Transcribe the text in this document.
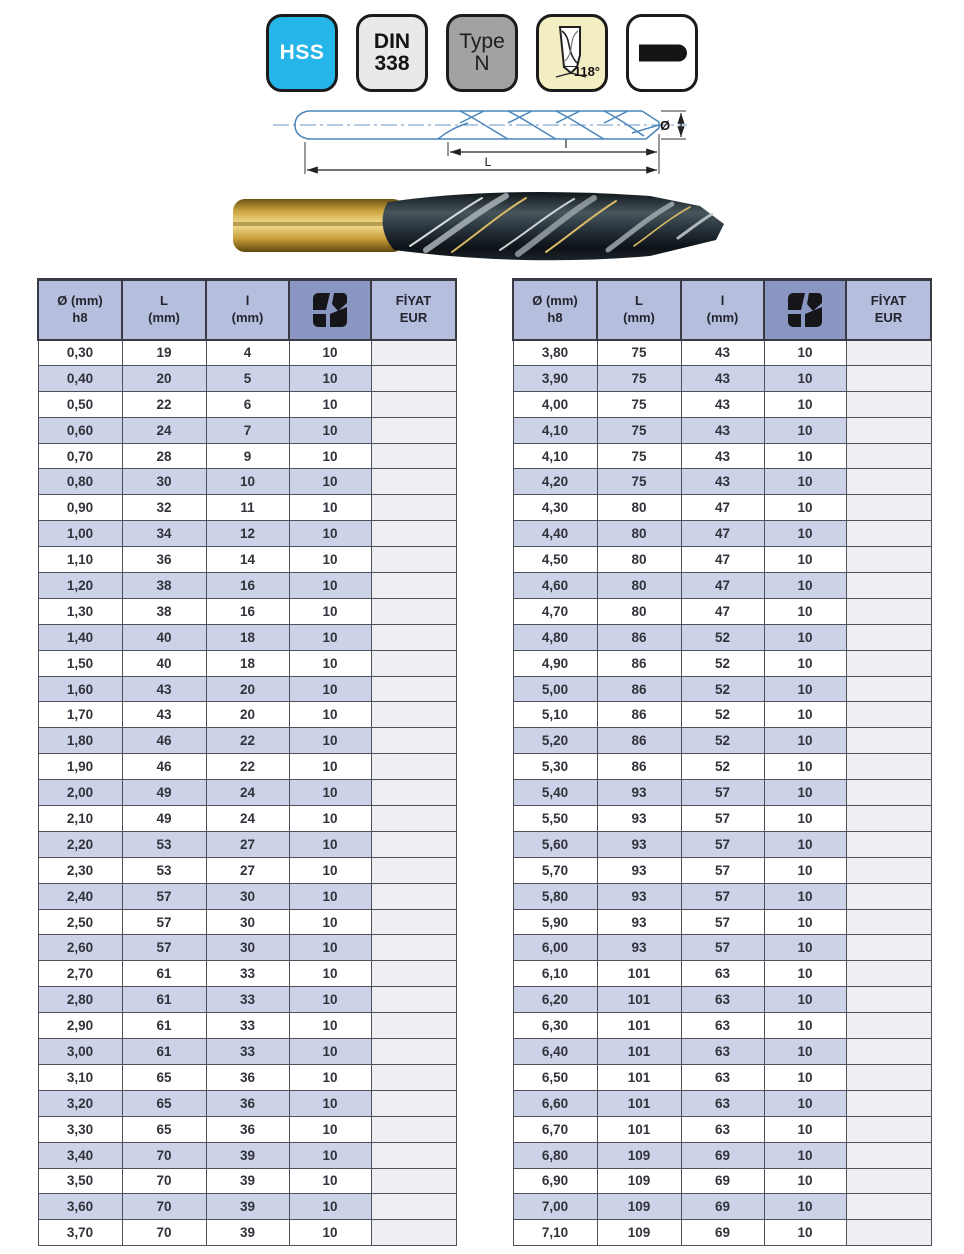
HSS DIN
338
Type
N	118°
Ø
l
L
Ø (mm)
h8

L
(mm)

l
(mm)

FİYAT
EUR

0,30	19	4	10	
0,40	20	5	10	
0,50	22	6	10	
0,60	24	7	10	
0,70	28	9	10	
0,80	30	10	10	
0,90	32	11	10	
1,00	34	12	10	
1,10	36	14	10	
1,20	38	16	10	
1,30	38	16	10	
1,40	40	18	10	
1,50	40	18	10	
1,60	43	20	10	
1,70	43	20	10	
1,80	46	22	10	
1,90	46	22	10	
2,00	49	24	10	
2,10	49	24	10	
2,20	53	27	10	
2,30	53	27	10	
2,40	57	30	10	
2,50	57	30	10	
2,60	57	30	10	
2,70	61	33	10	
2,80	61	33	10	
2,90	61	33	10	
3,00	61	33	10	
3,10	65	36	10	
3,20	65	36	10	
3,30	65	36	10	
3,40	70	39	10	
3,50	70	39	10	
3,60	70	39	10	
3,70	70	39	10	
Ø (mm)
h8

L
(mm)

l
(mm)

FİYAT
EUR

3,80	75	43	10	
3,90	75	43	10	
4,00	75	43	10	
4,10	75	43	10	
4,10	75	43	10	
4,20	75	43	10	
4,30	80	47	10	
4,40	80	47	10	
4,50	80	47	10	
4,60	80	47	10	
4,70	80	47	10	
4,80	86	52	10	
4,90	86	52	10	
5,00	86	52	10	
5,10	86	52	10	
5,20	86	52	10	
5,30	86	52	10	
5,40	93	57	10	
5,50	93	57	10	
5,60	93	57	10	
5,70	93	57	10	
5,80	93	57	10	
5,90	93	57	10	
6,00	93	57	10	
6,10	101	63	10	
6,20	101	63	10	
6,30	101	63	10	
6,40	101	63	10	
6,50	101	63	10	
6,60	101	63	10	
6,70	101	63	10	
6,80	109	69	10	
6,90	109	69	10	
7,00	109	69	10	
7,10	109	69	10	
